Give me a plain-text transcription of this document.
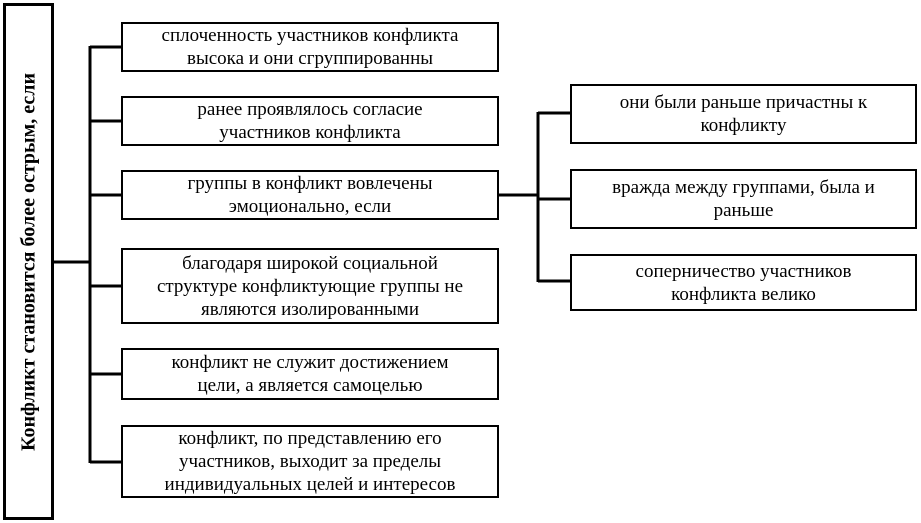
Конфликт становится более острым, если
сплоченность участников конфликта
высока и они сгруппированны
ранее проявлялось согласие
участников конфликта
группы в конфликт вовлечены
эмоционально, если
благодаря широкой социальной
структуре конфликтующие группы не
являются изолированными
конфликт не служит достижением
цели, а является самоцелью
конфликт, по представлению его
участников, выходит за пределы
индивидуальных целей и интересов
они были раньше причастны к
конфликту
вражда между группами, была и
раньше
соперничество участников
конфликта велико
